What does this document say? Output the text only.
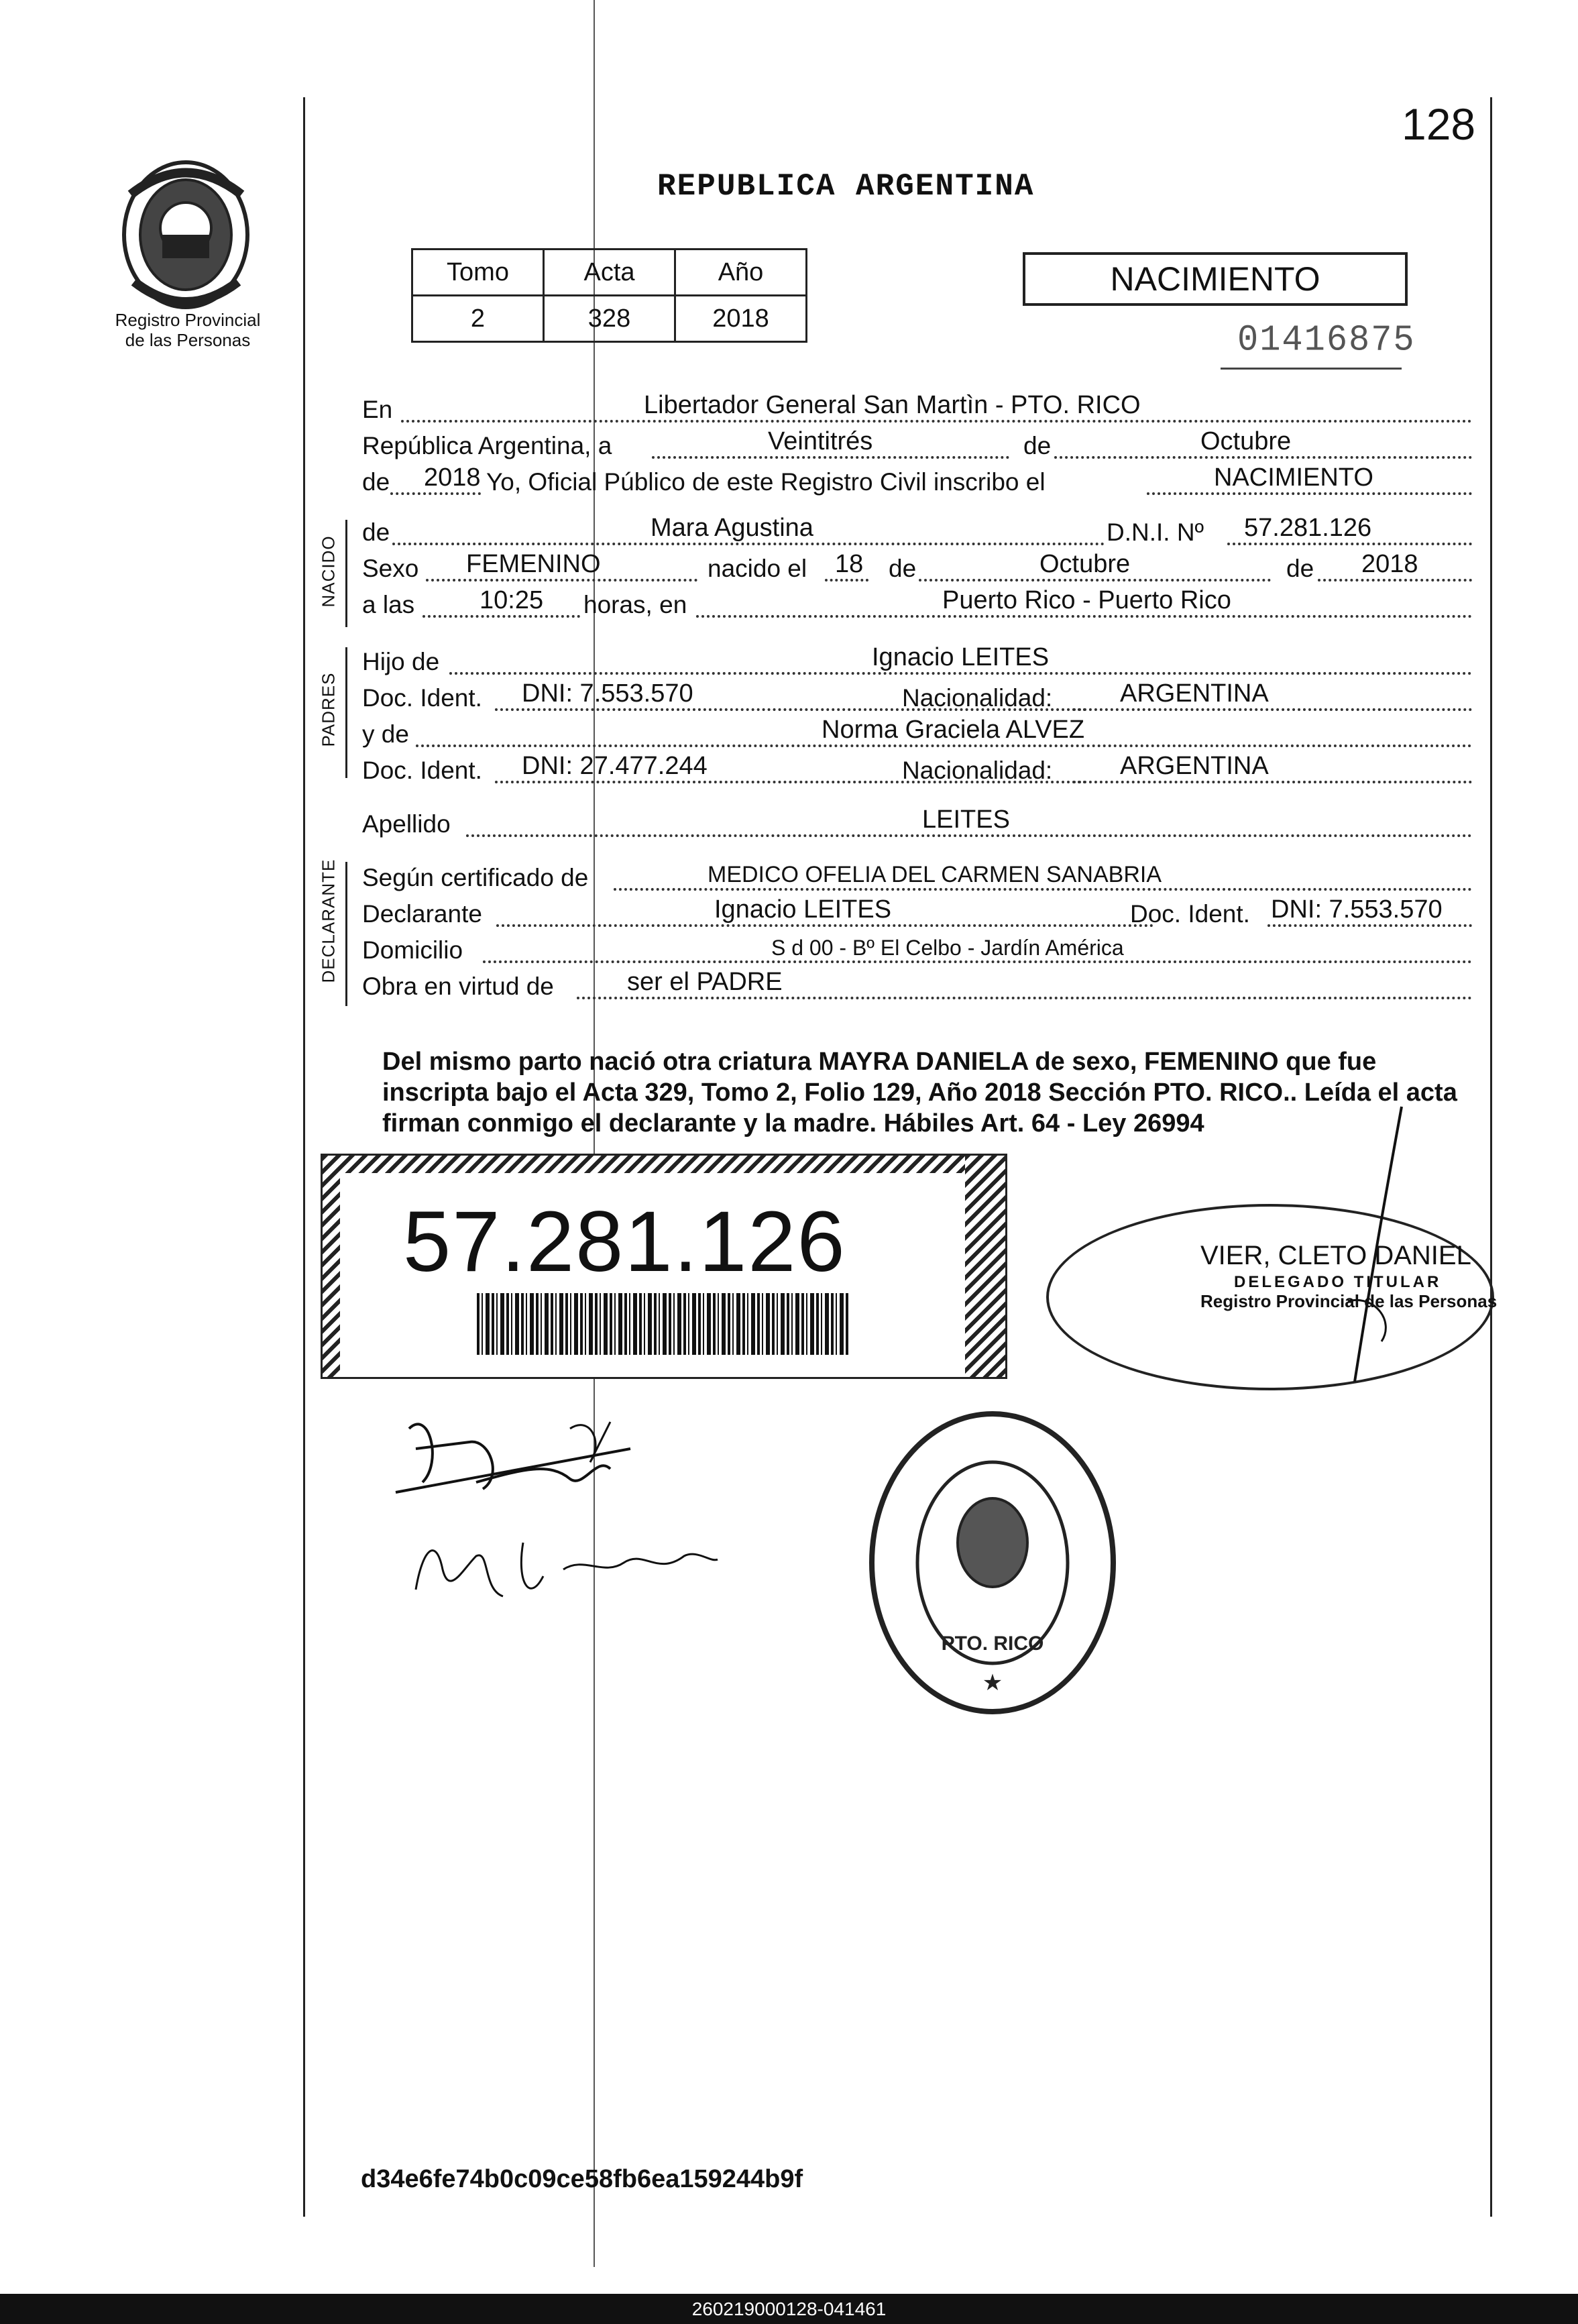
128
REPUBLICA ARGENTINA
Registro Provincial
de las Personas
Tomo	Acta	Año
2	328	2018
NACIMIENTO
01416875
En	Libertador General San Martìn - PTO. RICO
República Argentina, a	Veintitrés	de	Octubre
de 2018 Yo, Oficial Público de este Registro Civil inscribo el	NACIMIENTO
NACIDO
de	Mara Agustina	D.N.I. Nº 57.281.126
Sexo FEMENINO	nacido el 18 de	Octubre	de 2018
a las	10:25 horas, en	Puerto Rico - Puerto Rico
PADRES
Hijo de	Ignacio LEITES
Doc. Ident. DNI: 7.553.570	Nacionalidad:	ARGENTINA
y de	Norma Graciela ALVEZ
Doc. Ident. DNI: 27.477.244	Nacionalidad:	ARGENTINA
Apellido	LEITES
DECLARANTE Según certificado de	MEDICO OFELIA DEL CARMEN SANABRIA
Declarante	Ignacio LEITES	Doc. Ident. DNI: 7.553.570
Domicilio	S d 00 - Bº El Celbo - Jardín América
Obra en virtud de	ser el PADRE
Del mismo parto nació otra criatura MAYRA DANIELA de sexo, FEMENINO que fue inscripta bajo el Acta 329, Tomo 2, Folio 129, Año 2018 Sección PTO. RICO.. Leída el acta firman conmigo el declarante y la madre. Hábiles Art. 64 - Ley 26994
57.281.126	VIER, CLETO DANIEL
DELEGADO TITULAR
Registro Provincial de las Personas
PTO. RICO
★
d34e6fe74b0c09ce58fb6ea159244b9f
260219000128-041461
